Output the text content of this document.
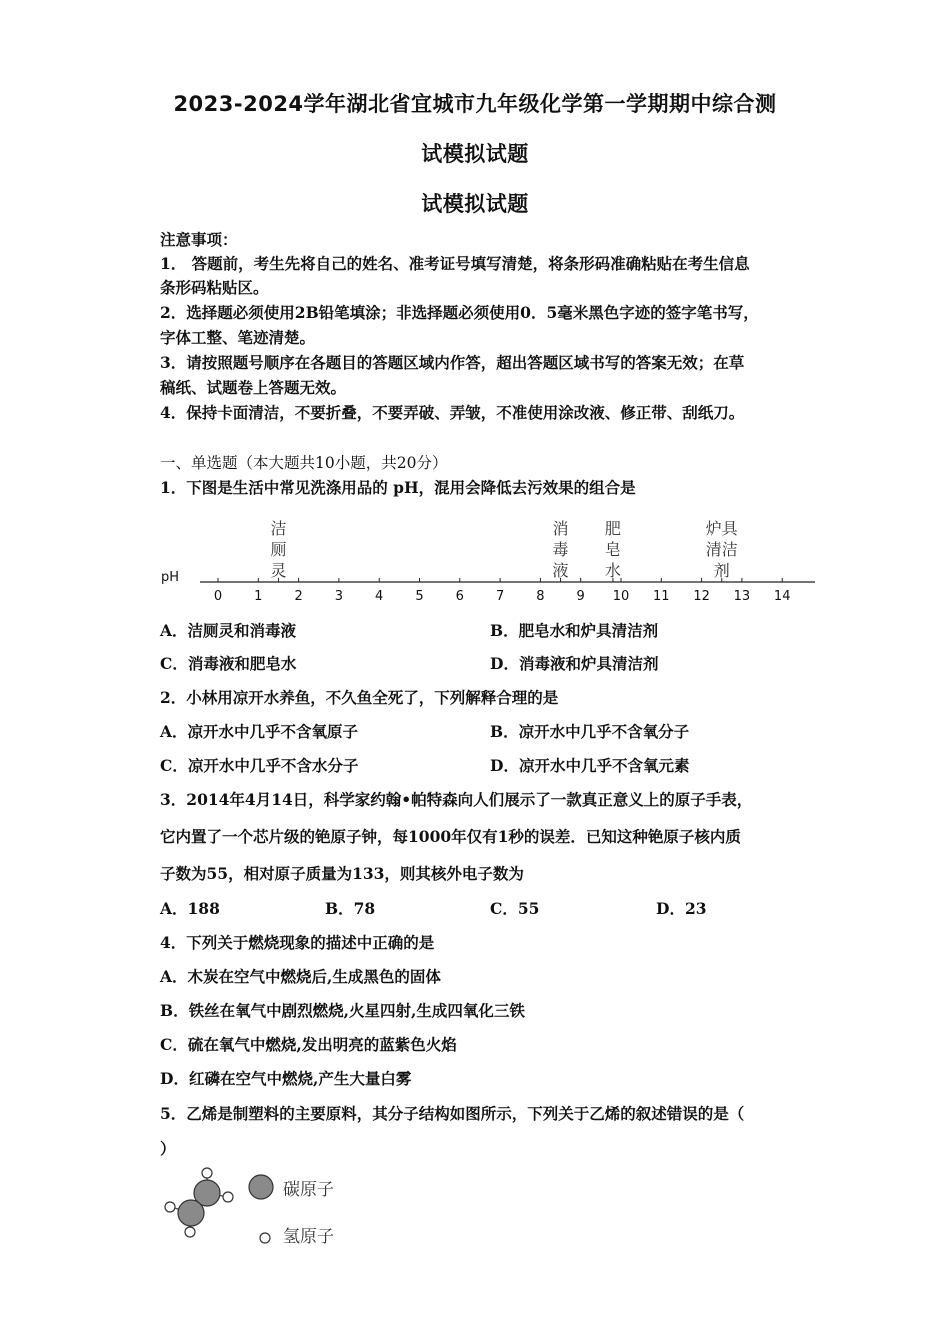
2023-2024学年湖北省宜城市九年级化学第一学期期中综合测
试模拟试题
试模拟试题
注意事项：
1． 答题前，考生先将自己的姓名、准考证号填写清楚，将条形码准确粘贴在考生信息
条形码粘贴区。
2．选择题必须使用2B铅笔填涂；非选择题必须使用0．5毫米黑色字迹的签字笔书写，
字体工整、笔迹清楚。
3．请按照题号顺序在各题目的答题区域内作答，超出答题区域书写的答案无效；在草
稿纸、试题卷上答题无效。
4．保持卡面清洁，不要折叠，不要弄破、弄皱，不准使用涂改液、修正带、刮纸刀。
一、单选题（本大题共10小题，共20分）
1．下图是生活中常见洗涤用品的 pH，混用会降低去污效果的组合是
pH
0 1 2 3 4 5 6 7 8 9 10 11 12 13 14
洁
厕
灵
消
毒
液
肥
皂
水
炉具
清洁
剂
A．洁厕灵和消毒液	B．肥皂水和炉具清洁剂
C．消毒液和肥皂水	D．消毒液和炉具清洁剂
2．小林用凉开水养鱼，不久鱼全死了，下列解释合理的是
A．凉开水中几乎不含氧原子	B．凉开水中几乎不含氧分子
C．凉开水中几乎不含水分子	D．凉开水中几乎不含氧元素
3．2014年4月14日，科学家约翰•帕特森向人们展示了一款真正意义上的原子手表，
它内置了一个芯片级的铯原子钟，每1000年仅有1秒的误差．已知这种铯原子核内质
子数为55，相对原子质量为133，则其核外电子数为
A．188	B．78	C．55	D．23
4．下列关于燃烧现象的描述中正确的是
A．木炭在空气中燃烧后,生成黑色的固体
B．铁丝在氧气中剧烈燃烧,火星四射,生成四氧化三铁
C．硫在氧气中燃烧,发出明亮的蓝紫色火焰
D．红磷在空气中燃烧,产生大量白雾
5．乙烯是制塑料的主要原料，其分子结构如图所示，下列关于乙烯的叙述错误的是（
）
碳原子
氢原子
